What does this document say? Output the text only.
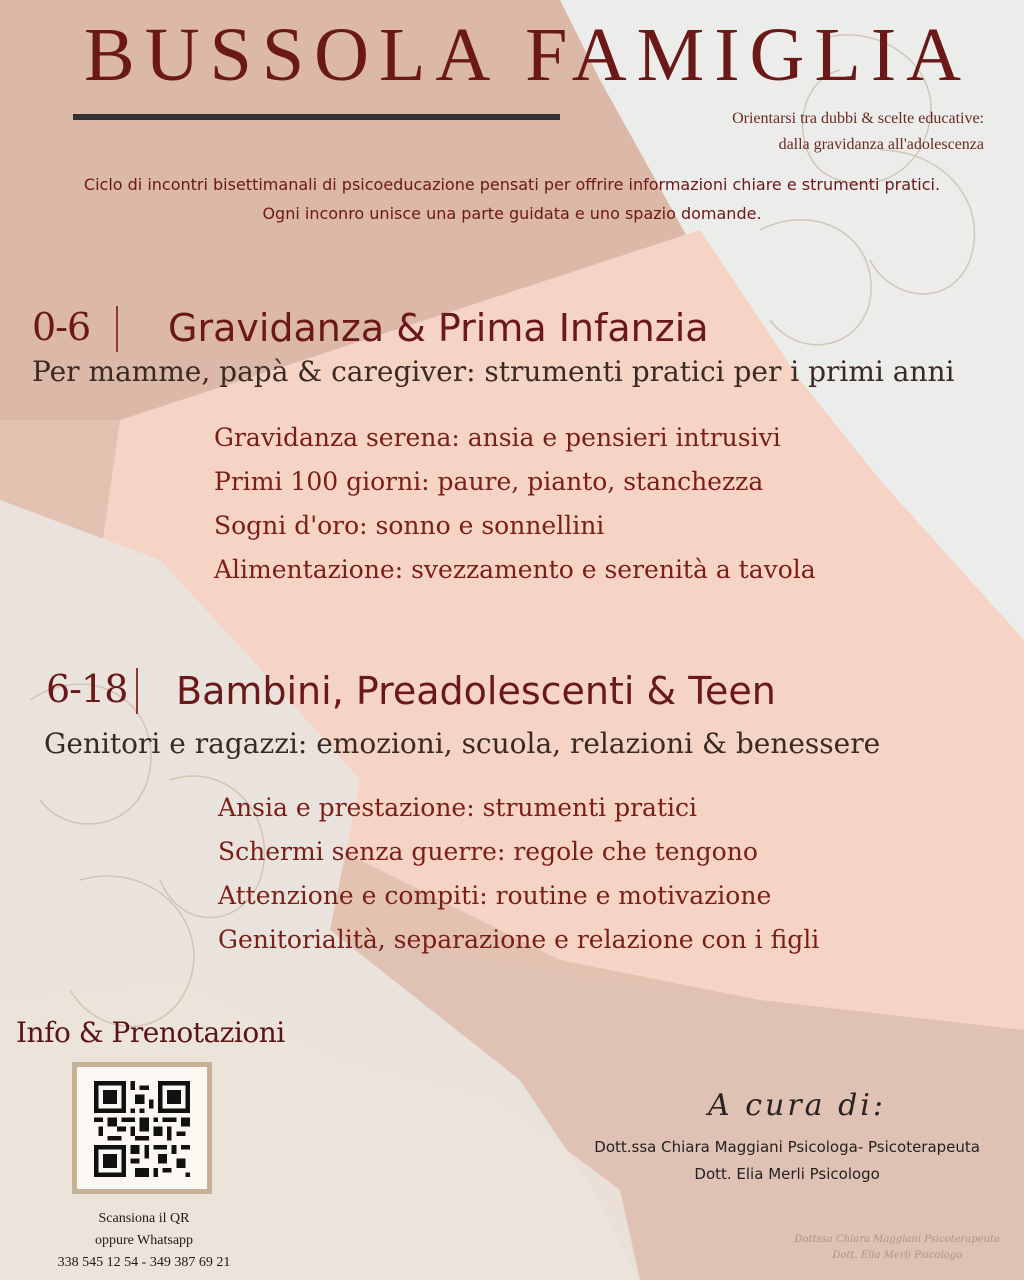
BUSSOLA FAMIGLIA
Orientarsi tra dubbi & scelte educative:
dalla gravidanza all'adolescenza
Ciclo di incontri bisettimanali di psicoeducazione pensati per offrire informazioni chiare e strumenti pratici.
Ogni inconro unisce una parte guidata e uno spazio domande.
0-6 Gravidanza & Prima Infanzia
Per mamme, papà & caregiver: strumenti pratici per i primi anni
Gravidanza serena: ansia e pensieri intrusivi
Primi 100 giorni: paure, pianto, stanchezza
Sogni d'oro: sonno e sonnellini
Alimentazione: svezzamento e serenità a tavola
6-18 Bambini, Preadolescenti & Teen
Genitori e ragazzi: emozioni, scuola, relazioni & benessere
Ansia e prestazione: strumenti pratici
Schermi senza guerre: regole che tengono
Attenzione e compiti: routine e motivazione
Genitorialità, separazione e relazione con i figli
Info & Prenotazioni
Scansiona il QR
oppure Whatsapp
338 545 12 54 - 349 387 69 21
A cura di:
Dott.ssa Chiara Maggiani Psicologa- Psicoterapeuta
Dott. Elia Merli Psicologo
Dottssa Chiara Maggiani Psicoterapeuta
Dott. Elia Merli Psicologo
